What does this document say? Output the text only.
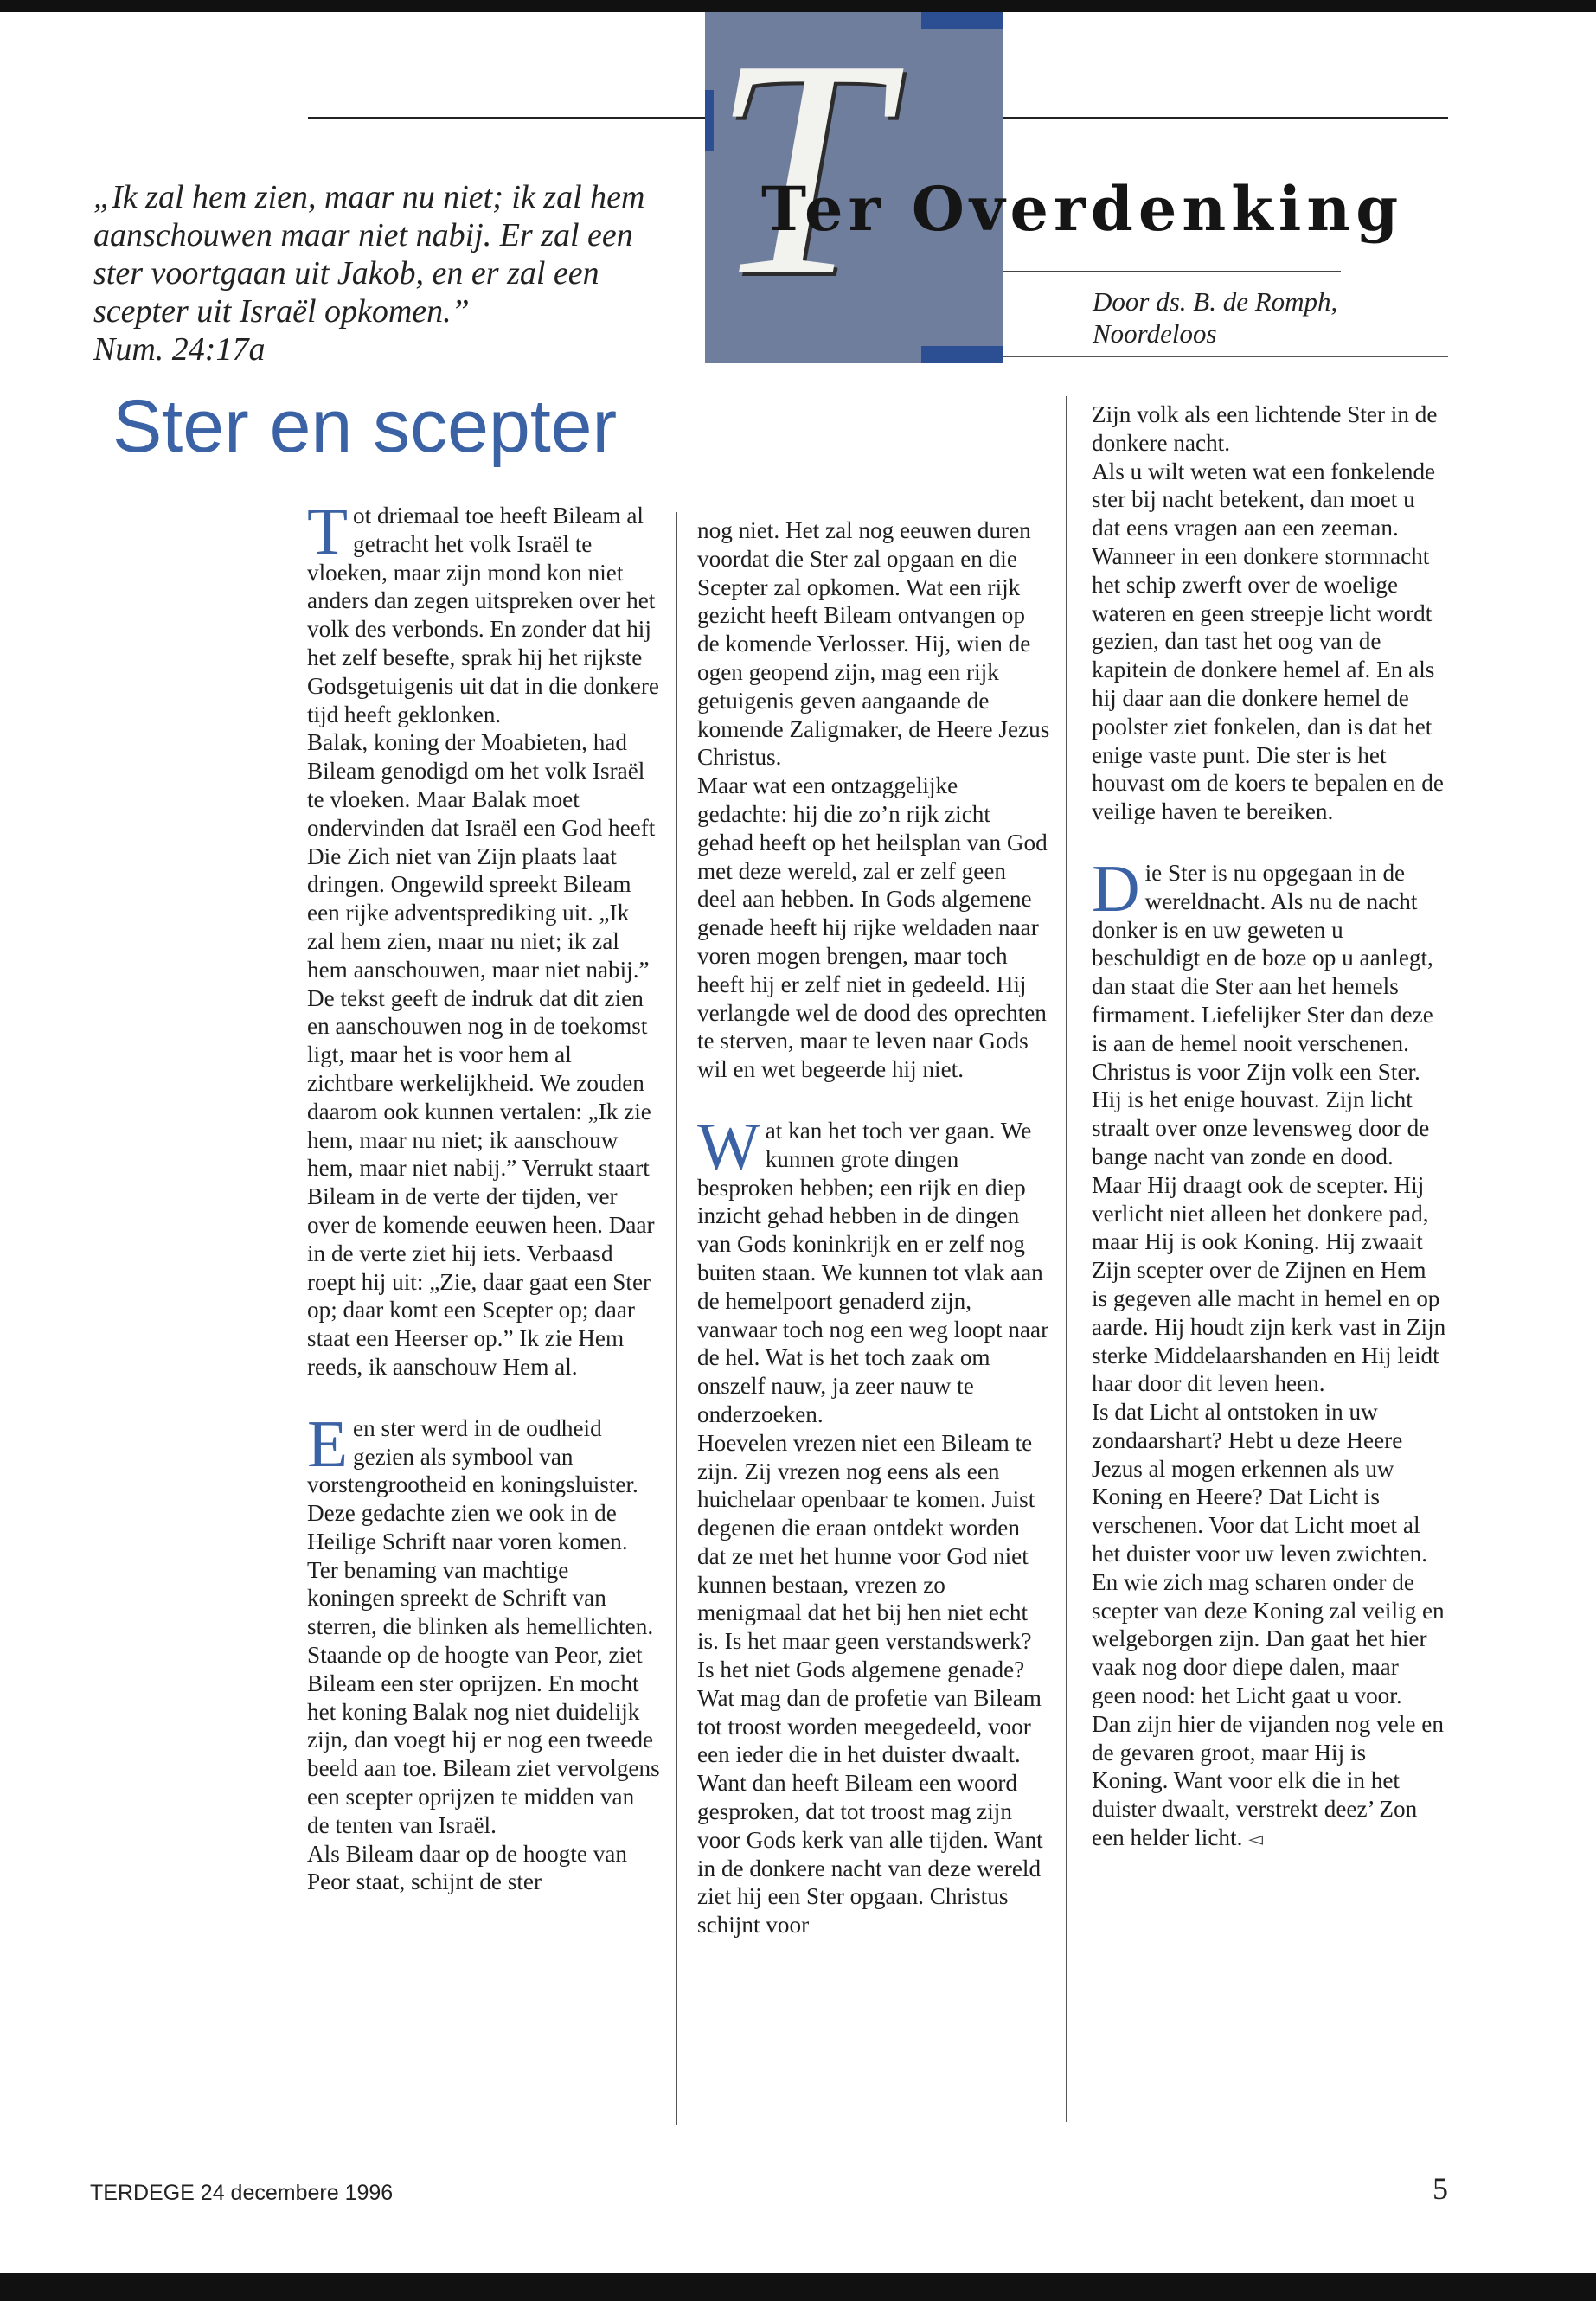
T
Ter Overdenking
Door ds. B. de Romph,
Noordeloos
„Ik zal hem zien, maar nu niet; ik zal hem aanschouwen maar niet nabij. Er zal een ster voortgaan uit Jakob, en er zal een scepter uit Israël opkomen.”
Num. 24:17a
Ster en scepter

Tot driemaal toe heeft Bileam al getracht het volk Israël te vloeken, maar zijn mond kon niet anders dan zegen uitspreken over het volk des verbonds. En zonder dat hij het zelf besefte, sprak hij het rijkste Godsgetuigenis uit dat in die donkere tijd heeft geklonken.

Balak, koning der Moabieten, had Bileam genodigd om het volk Israël te vloeken. Maar Balak moet ondervinden dat Israël een God heeft Die Zich niet van Zijn plaats laat dringen. Ongewild spreekt Bileam een rijke adventsprediking uit. „Ik zal hem zien, maar nu niet; ik zal hem aanschouwen, maar niet nabij.”

De tekst geeft de indruk dat dit zien en aanschouwen nog in de toekomst ligt, maar het is voor hem al zichtbare werkelijkheid. We zouden daarom ook kunnen vertalen: „Ik zie hem, maar nu niet; ik aanschouw hem, maar niet nabij.” Verrukt staart Bileam in de verte der tijden, ver over de komende eeuwen heen. Daar in de verte ziet hij iets. Verbaasd roept hij uit: „Zie, daar gaat een Ster op; daar komt een Scepter op; daar staat een Heerser op.” Ik zie Hem reeds, ik aanschouw Hem al.

Een ster werd in de oudheid gezien als symbool van vorstengrootheid en koningsluister. Deze gedachte zien we ook in de Heilige Schrift naar voren komen. Ter benaming van machtige koningen spreekt de Schrift van sterren, die blinken als hemellichten. Staande op de hoogte van Peor, ziet Bileam een ster oprijzen. En mocht het koning Balak nog niet duidelijk zijn, dan voegt hij er nog een tweede beeld aan toe. Bileam ziet vervolgens een scepter oprijzen te midden van de tenten van Israël.

Als Bileam daar op de hoogte van Peor staat, schijnt de ster

nog niet. Het zal nog eeuwen duren voordat die Ster zal opgaan en die Scepter zal opkomen. Wat een rijk gezicht heeft Bileam ontvangen op de komende Verlosser. Hij, wien de ogen geopend zijn, mag een rijk getuigenis geven aangaande de komende Zaligmaker, de Heere Jezus Christus.

Maar wat een ontzaggelijke gedachte: hij die zo’n rijk zicht gehad heeft op het heilsplan van God met deze wereld, zal er zelf geen deel aan hebben. In Gods algemene genade heeft hij rijke weldaden naar voren mogen brengen, maar toch heeft hij er zelf niet in gedeeld. Hij verlangde wel de dood des oprechten te sterven, maar te leven naar Gods wil en wet begeerde hij niet.

Wat kan het toch ver gaan. We kunnen grote dingen besproken hebben; een rijk en diep inzicht gehad hebben in de dingen van Gods koninkrijk en er zelf nog buiten staan. We kunnen tot vlak aan de hemelpoort genaderd zijn, vanwaar toch nog een weg loopt naar de hel. Wat is het toch zaak om onszelf nauw, ja zeer nauw te onderzoeken.

Hoevelen vrezen niet een Bileam te zijn. Zij vrezen nog eens als een huichelaar openbaar te komen. Juist degenen die eraan ontdekt worden dat ze met het hunne voor God niet kunnen bestaan, vrezen zo menigmaal dat het bij hen niet echt is. Is het maar geen verstandswerk? Is het niet Gods algemene genade? Wat mag dan de profetie van Bileam tot troost worden meegedeeld, voor een ieder die in het duister dwaalt. Want dan heeft Bileam een woord gesproken, dat tot troost mag zijn voor Gods kerk van alle tijden. Want in de donkere nacht van deze wereld ziet hij een Ster opgaan. Christus schijnt voor

Zijn volk als een lichtende Ster in de donkere nacht.

Als u wilt weten wat een fonkelende ster bij nacht betekent, dan moet u dat eens vragen aan een zeeman. Wanneer in een donkere stormnacht het schip zwerft over de woelige wateren en geen streepje licht wordt gezien, dan tast het oog van de kapitein de donkere hemel af. En als hij daar aan die donkere hemel de poolster ziet fonkelen, dan is dat het enige vaste punt. Die ster is het houvast om de koers te bepalen en de veilige haven te bereiken.

Die Ster is nu opgegaan in de wereldnacht. Als nu de nacht donker is en uw geweten u beschuldigt en de boze op u aanlegt, dan staat die Ster aan het hemels firmament. Liefelijker Ster dan deze is aan de hemel nooit verschenen.

Christus is voor Zijn volk een Ster. Hij is het enige houvast. Zijn licht straalt over onze levensweg door de bange nacht van zonde en dood. Maar Hij draagt ook de scepter. Hij verlicht niet alleen het donkere pad, maar Hij is ook Koning. Hij zwaait Zijn scepter over de Zijnen en Hem is gegeven alle macht in hemel en op aarde. Hij houdt zijn kerk vast in Zijn sterke Middelaarshanden en Hij leidt haar door dit leven heen.

Is dat Licht al ontstoken in uw zondaarshart? Hebt u deze Heere Jezus al mogen erkennen als uw Koning en Heere? Dat Licht is verschenen. Voor dat Licht moet al het duister voor uw leven zwichten. En wie zich mag scharen onder de scepter van deze Koning zal veilig en welgeborgen zijn. Dan gaat het hier vaak nog door diepe dalen, maar geen nood: het Licht gaat u voor. Dan zijn hier de vijanden nog vele en de gevaren groot, maar Hij is Koning. Want voor elk die in het duister dwaalt, verstrekt deez’ Zon een helder licht. ◅

TERDEGE 24 decembere 1996	5
